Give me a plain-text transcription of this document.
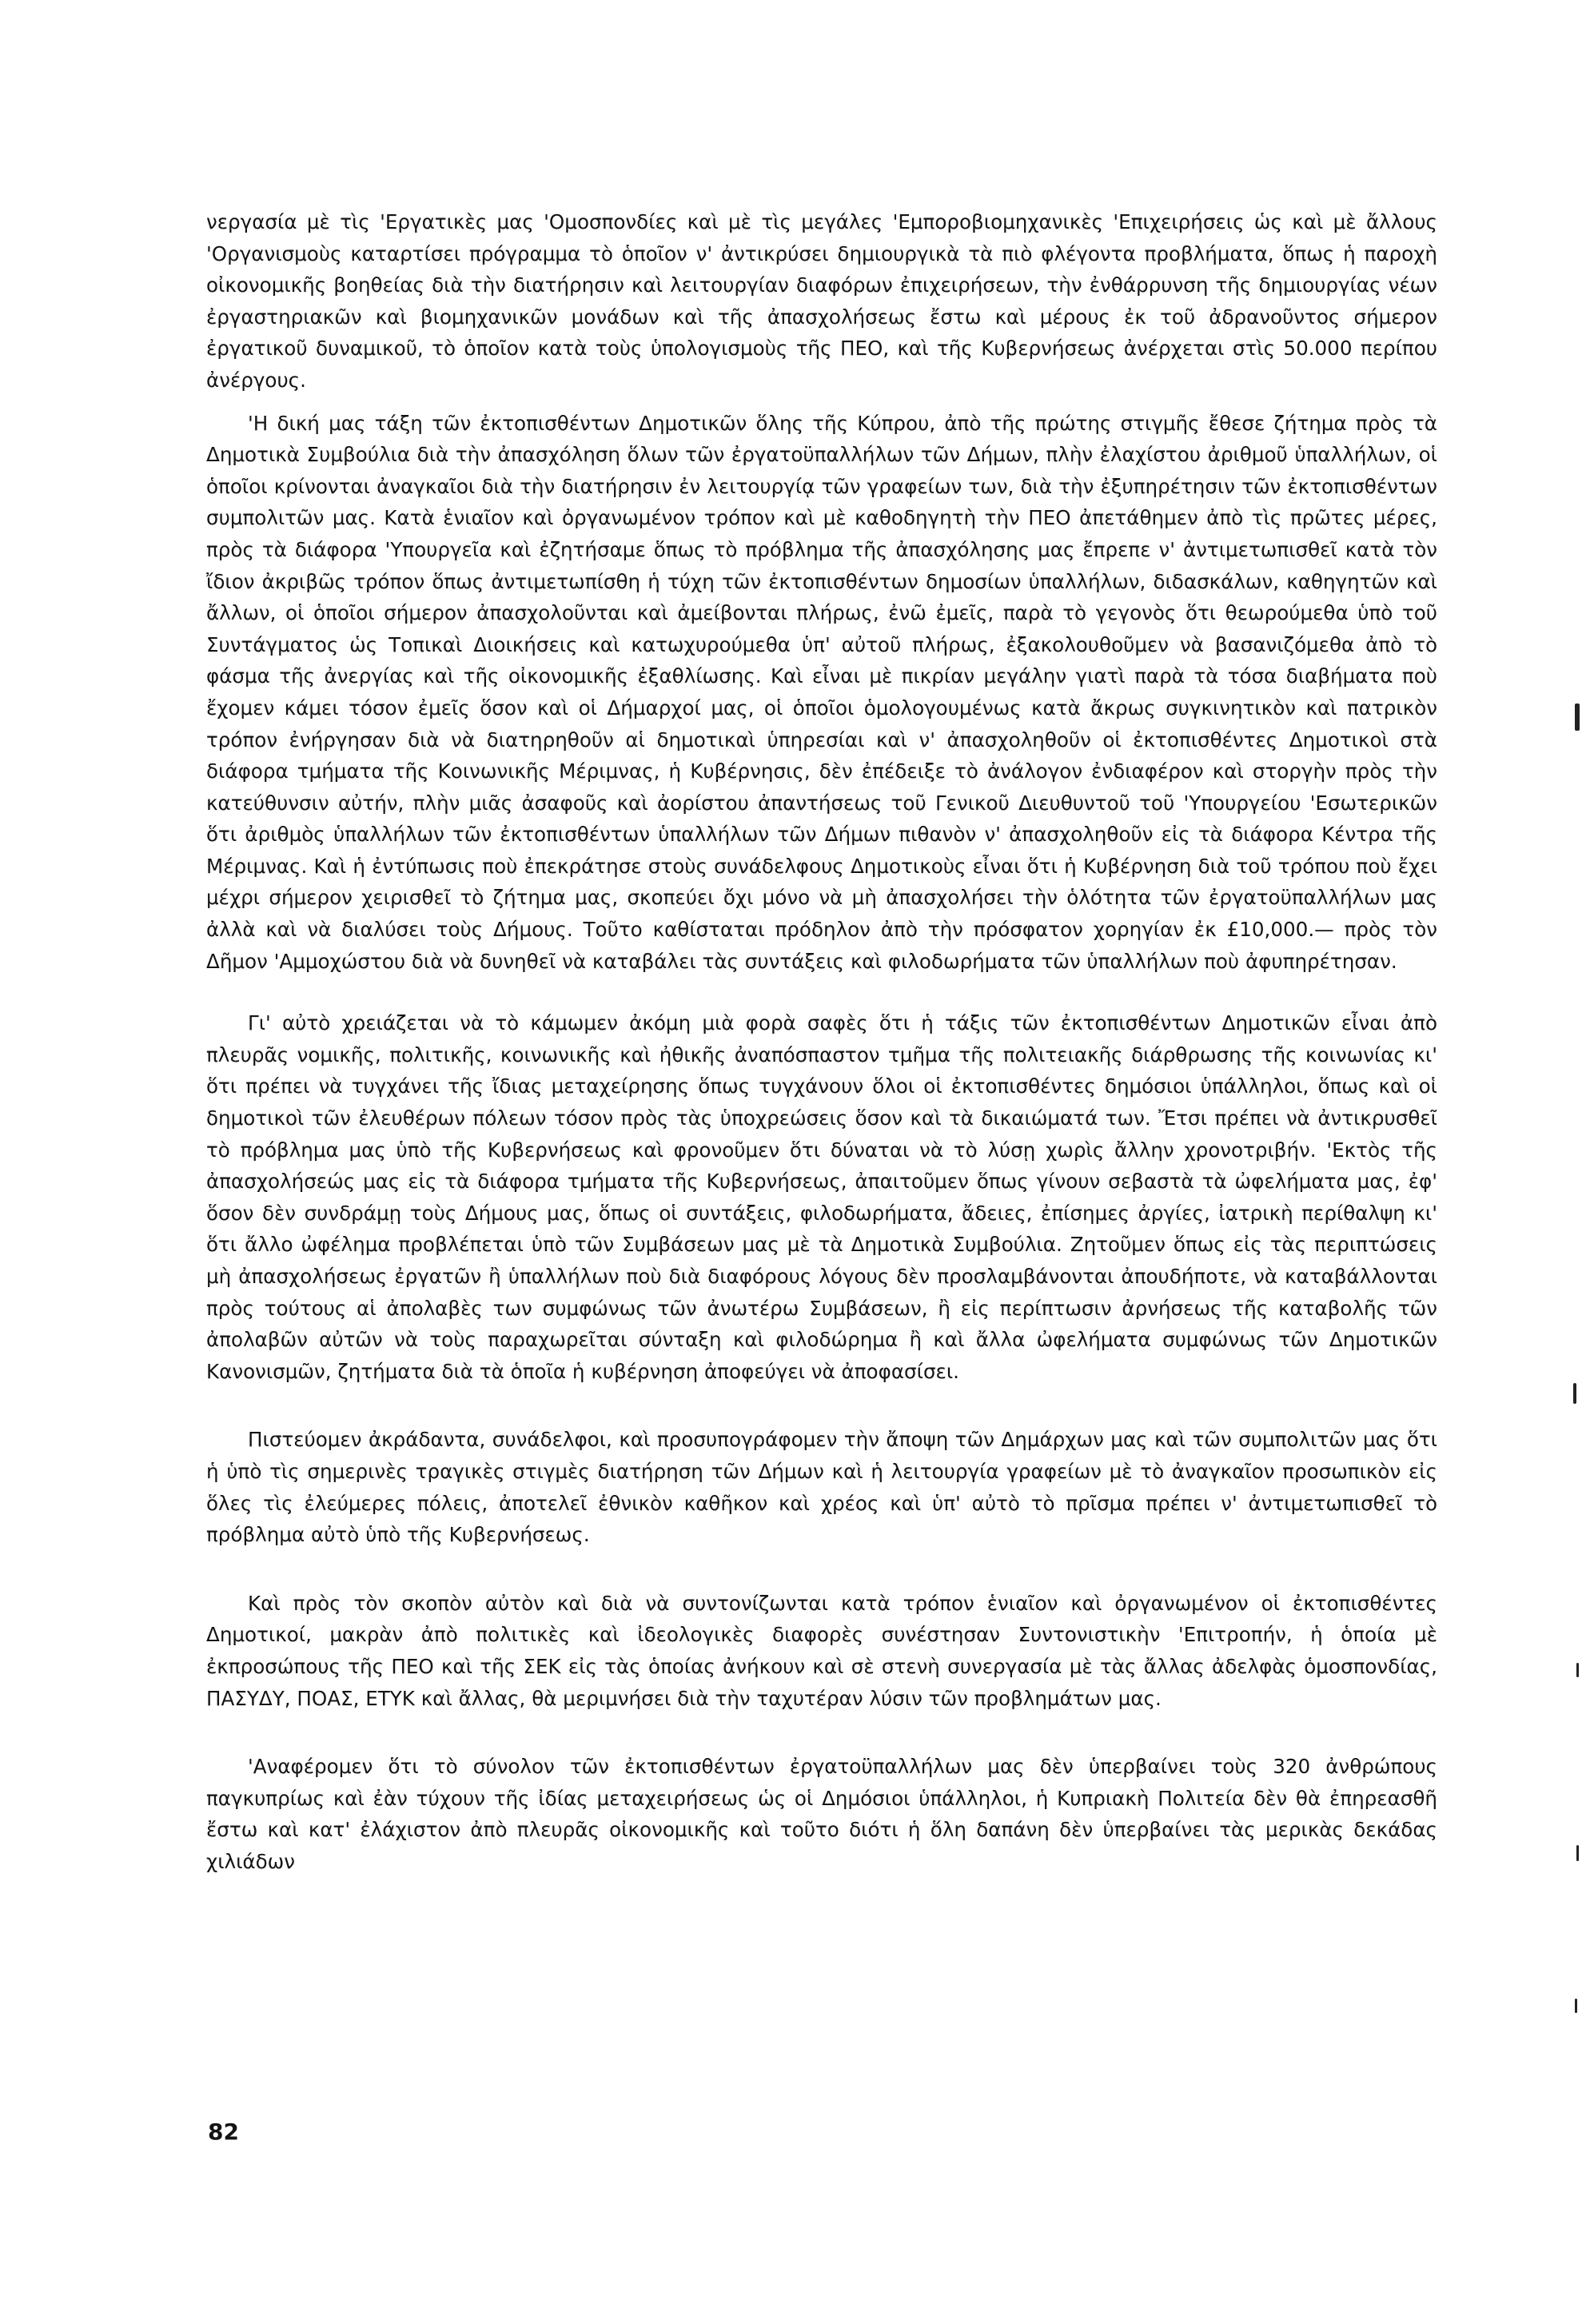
νεργασία μὲ τὶς 'Εργατικὲς μας 'Ομοσπονδίες καὶ μὲ τὶς μεγάλες 'Εμποροβιομηχανικὲς 'Επιχειρήσεις ὡς καὶ μὲ ἄλλους 'Οργανισμοὺς καταρτίσει πρόγραμμα τὸ ὁποῖον ν' ἀντικρύσει δημιουργικὰ τὰ πιὸ φλέγοντα προβλήματα, ὅπως ἡ παροχὴ οἰκονομικῆς βοηθείας διὰ τὴν διατήρησιν καὶ λειτουργίαν διαφόρων ἐπιχειρήσεων, τὴν ἐνθάρρυνση τῆς δημιουργίας νέων ἐργαστηριακῶν καὶ βιομηχανικῶν μονάδων καὶ τῆς ἀπασχολήσεως ἔστω καὶ μέρους ἐκ τοῦ ἀδρανοῦντος σήμερον ἐργατικοῦ δυναμικοῦ, τὸ ὁποῖον κατὰ τοὺς ὑπολογισμοὺς τῆς ΠΕΟ, καὶ τῆς Κυβερνήσεως ἀνέρχεται στὶς 50.000 περίπου ἀνέργους.

'Η δική μας τάξη τῶν ἐκτοπισθέντων Δημοτικῶν ὅλης τῆς Κύπρου, ἀπὸ τῆς πρώτης στιγμῆς ἔθεσε ζήτημα πρὸς τὰ Δημοτικὰ Συμβούλια διὰ τὴν ἀπασχόληση ὅλων τῶν ἐργατοϋπαλλήλων τῶν Δήμων, πλὴν ἐλαχίστου ἀριθμοῦ ὑπαλλήλων, οἱ ὁποῖοι κρίνονται ἀναγκαῖοι διὰ τὴν διατήρησιν ἐν λειτουργίᾳ τῶν γραφείων των, διὰ τὴν ἐξυπηρέτησιν τῶν ἐκτοπισθέντων συμπολιτῶν μας. Κατὰ ἑνιαῖον καὶ ὀργανωμένον τρόπον καὶ μὲ καθοδηγητὴ τὴν ΠΕΟ ἀπετάθημεν ἀπὸ τὶς πρῶτες μέρες, πρὸς τὰ διάφορα 'Υπουργεῖα καὶ ἐζητήσαμε ὅπως τὸ πρόβλημα τῆς ἀπασχόλησης μας ἔπρεπε ν' ἀντιμετωπισθεῖ κατὰ τὸν ἴδιον ἀκριβῶς τρόπον ὅπως ἀντιμετωπίσθη ἡ τύχη τῶν ἐκτοπισθέντων δημοσίων ὑπαλλήλων, διδασκάλων, καθηγητῶν καὶ ἄλλων, οἱ ὁποῖοι σήμερον ἀπασχολοῦνται καὶ ἀμείβονται πλήρως, ἐνῶ ἐμεῖς, παρὰ τὸ γεγονὸς ὅτι θεωρούμεθα ὑπὸ τοῦ Συντάγματος ὡς Τοπικαὶ Διοικήσεις καὶ κατωχυρούμεθα ὑπ' αὐτοῦ πλήρως, ἐξακολουθοῦμεν νὰ βασανιζόμεθα ἀπὸ τὸ φάσμα τῆς ἀνεργίας καὶ τῆς οἰκονομικῆς ἐξαθλίωσης. Καὶ εἶναι μὲ πικρίαν μεγάλην γιατὶ παρὰ τὰ τόσα διαβήματα ποὺ ἔχομεν κάμει τόσον ἐμεῖς ὅσον καὶ οἱ Δήμαρχοί μας, οἱ ὁποῖοι ὁμολογουμένως κατὰ ἄκρως συγκινητικὸν καὶ πατρικὸν τρόπον ἐνήργησαν διὰ νὰ διατηρηθοῦν αἱ δημοτικαὶ ὑπηρεσίαι καὶ ν' ἀπασχοληθοῦν οἱ ἐκτοπισθέντες Δημοτικοὶ στὰ διάφορα τμήματα τῆς Κοινωνικῆς Μέριμνας, ἡ Κυβέρνησις, δὲν ἐπέδειξε τὸ ἀνάλογον ἐνδιαφέρον καὶ στοργὴν πρὸς τὴν κατεύθυνσιν αὐτήν, πλὴν μιᾶς ἀσαφοῦς καὶ ἀορίστου ἀπαντήσεως τοῦ Γενικοῦ Διευθυντοῦ τοῦ 'Υπουργείου 'Εσωτερικῶν ὅτι ἀριθμὸς ὑπαλλήλων τῶν ἐκτοπισθέντων ὑπαλλήλων τῶν Δήμων πιθανὸν ν' ἀπασχοληθοῦν εἰς τὰ διάφορα Κέντρα τῆς Μέριμνας. Καὶ ἡ ἐντύπωσις ποὺ ἐπεκράτησε στοὺς συνάδελφους Δημοτικοὺς εἶναι ὅτι ἡ Κυβέρνηση διὰ τοῦ τρόπου ποὺ ἔχει μέχρι σήμερον χειρισθεῖ τὸ ζήτημα μας, σκοπεύει ὄχι μόνο νὰ μὴ ἀπασχολήσει τὴν ὁλότητα τῶν ἐργατοϋπαλλήλων μας ἀλλὰ καὶ νὰ διαλύσει τοὺς Δήμους. Τοῦτο καθίσταται πρόδηλον ἀπὸ τὴν πρόσφατον χορηγίαν ἐκ £10,000.— πρὸς τὸν Δῆμον 'Αμμοχώστου διὰ νὰ δυνηθεῖ νὰ καταβάλει τὰς συντάξεις καὶ φιλοδωρήματα τῶν ὑπαλλήλων ποὺ ἀφυπηρέτησαν.

Γι' αὐτὸ χρειάζεται νὰ τὸ κάμωμεν ἀκόμη μιὰ φορὰ σαφὲς ὅτι ἡ τάξις τῶν ἐκτοπισθέντων Δημοτικῶν εἶναι ἀπὸ πλευρᾶς νομικῆς, πολιτικῆς, κοινωνικῆς καὶ ἠθικῆς ἀναπόσπαστον τμῆμα τῆς πολιτειακῆς διάρθρωσης τῆς κοινωνίας κι' ὅτι πρέπει νὰ τυγχάνει τῆς ἴδιας μεταχείρησης ὅπως τυγχάνουν ὅλοι οἱ ἐκτοπισθέντες δημόσιοι ὑπάλληλοι, ὅπως καὶ οἱ δημοτικοὶ τῶν ἐλευθέρων πόλεων τόσον πρὸς τὰς ὑποχρεώσεις ὅσον καὶ τὰ δικαιώματά των. Ἔτσι πρέπει νὰ ἀντικρυσθεῖ τὸ πρόβλημα μας ὑπὸ τῆς Κυβερνήσεως καὶ φρονοῦμεν ὅτι δύναται νὰ τὸ λύσῃ χωρὶς ἄλλην χρονοτριβήν. 'Εκτὸς τῆς ἀπασχολήσεώς μας εἰς τὰ διάφορα τμήματα τῆς Κυβερνήσεως, ἀπαιτοῦμεν ὅπως γίνουν σεβαστὰ τὰ ὠφελήματα μας, ἐφ' ὅσον δὲν συνδράμῃ τοὺς Δήμους μας, ὅπως οἱ συντάξεις, φιλοδωρήματα, ἄδειες, ἐπίσημες ἀργίες, ἰατρικὴ περίθαλψη κι' ὅτι ἄλλο ὠφέλημα προβλέπεται ὑπὸ τῶν Συμβάσεων μας μὲ τὰ Δημοτικὰ Συμβούλια. Ζητοῦμεν ὅπως εἰς τὰς περιπτώσεις μὴ ἀπασχολήσεως ἐργατῶν ἢ ὑπαλλήλων ποὺ διὰ διαφόρους λόγους δὲν προσλαμβάνονται ἀπουδήποτε, νὰ καταβάλλονται πρὸς τούτους αἱ ἀπολαβὲς των συμφώνως τῶν ἀνωτέρω Συμβάσεων, ἢ εἰς περίπτωσιν ἀρνήσεως τῆς καταβολῆς τῶν ἀπολαβῶν αὐτῶν νὰ τοὺς παραχωρεῖται σύνταξη καὶ φιλοδώρημα ἢ καὶ ἄλλα ὠφελήματα συμφώνως τῶν Δημοτικῶν Κανονισμῶν, ζητήματα διὰ τὰ ὁποῖα ἡ κυβέρνηση ἀποφεύγει νὰ ἀποφασίσει.

Πιστεύομεν ἀκράδαντα, συνάδελφοι, καὶ προσυπογράφομεν τὴν ἄποψη τῶν Δημάρχων μας καὶ τῶν συμπολιτῶν μας ὅτι ἡ ὑπὸ τὶς σημερινὲς τραγικὲς στιγμὲς διατήρηση τῶν Δήμων καὶ ἡ λειτουργία γραφείων μὲ τὸ ἀναγκαῖον προσωπικὸν εἰς ὅλες τὶς ἐλεύμερες πόλεις, ἀποτελεῖ ἐθνικὸν καθῆκον καὶ χρέος καὶ ὑπ' αὐτὸ τὸ πρῖσμα πρέπει ν' ἀντιμετωπισθεῖ τὸ πρόβλημα αὐτὸ ὑπὸ τῆς Κυβερνήσεως.

Καὶ πρὸς τὸν σκοπὸν αὐτὸν καὶ διὰ νὰ συντονίζωνται κατὰ τρόπον ἑνιαῖον καὶ ὀργανωμένον οἱ ἐκτοπισθέντες Δημοτικοί, μακρὰν ἀπὸ πολιτικὲς καὶ ἰδεολογικὲς διαφορὲς συνέστησαν Συντονιστικὴν 'Επιτροπήν, ἡ ὁποία μὲ ἐκπροσώπους τῆς ΠΕΟ καὶ τῆς ΣΕΚ εἰς τὰς ὁποίας ἀνήκουν καὶ σὲ στενὴ συνεργασία μὲ τὰς ἄλλας ἀδελφὰς ὁμοσπονδίας, ΠΑΣΥΔΥ, ΠΟΑΣ, ΕΤΥΚ καὶ ἄλλας, θὰ μεριμνήσει διὰ τὴν ταχυτέραν λύσιν τῶν προβλημάτων μας.

'Αναφέρομεν ὅτι τὸ σύνολον τῶν ἐκτοπισθέντων ἐργατοϋπαλλήλων μας δὲν ὑπερβαίνει τοὺς 320 ἀνθρώπους παγκυπρίως καὶ ἐὰν τύχουν τῆς ἰδίας μεταχειρήσεως ὡς οἱ Δημόσιοι ὑπάλληλοι, ἡ Κυπριακὴ Πολιτεία δὲν θὰ ἐπηρεασθῆ ἔστω καὶ κατ' ἐλάχιστον ἀπὸ πλευρᾶς οἰκονομικῆς καὶ τοῦτο διότι ἡ ὅλη δαπάνη δὲν ὑπερβαίνει τὰς μερικὰς δεκάδας χιλιάδων

82
